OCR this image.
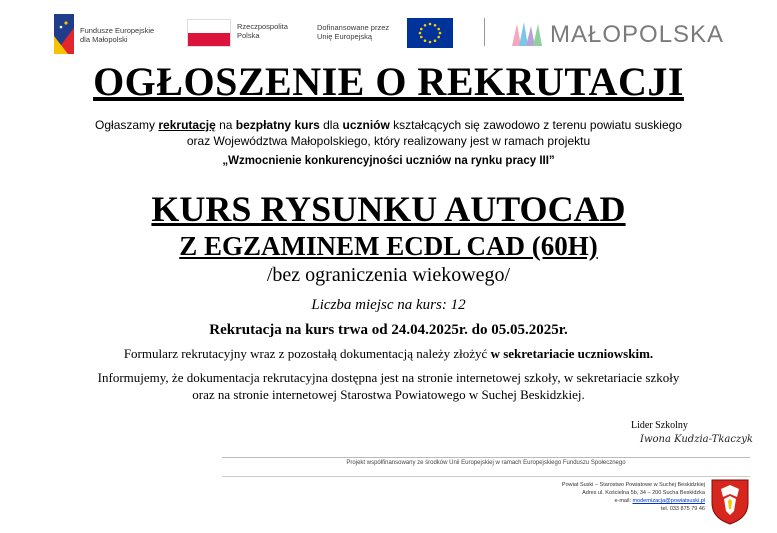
Fundusze Europejskie
dla Małopolski
Rzeczpospolita
Polska
Dofinansowane przez
Unię Europejską	MAŁOPOLSKA
OGŁOSZENIE O REKRUTACJI
Ogłaszamy rekrutację na bezpłatny kurs dla uczniów kształcących się zawodowo z terenu powiatu suskiego
oraz Województwa Małopolskiego, który realizowany jest w ramach projektu
„Wzmocnienie konkurencyjności uczniów na rynku pracy III”
KURS RYSUNKU AUTOCAD
Z EGZAMINEM ECDL CAD (60H)
/bez ograniczenia wiekowego/
Liczba miejsc na kurs: 12
Rekrutacja na kurs trwa od 24.04.2025r. do 05.05.2025r.
Formularz rekrutacyjny wraz z pozostałą dokumentacją należy złożyć w sekretariacie uczniowskim.
Informujemy, że dokumentacja rekrutacyjna dostępna jest na stronie internetowej szkoły, w sekretariacie szkoły
oraz na stronie internetowej Starostwa Powiatowego w Suchej Beskidzkiej.
Lider Szkolny
Iwona Kudzia-Tkaczyk
Projekt współfinansowany ze środków Unii Europejskiej w ramach Europejskiego Funduszu Społecznego
Powiat Suski – Starostwo Powiatowe w Suchej Beskidzkiej
Adres ul. Kościelna 5b, 34 – 200 Sucha Beskidzka
e-mail: modernizacja@powiatsuski.pl
tel. 033 875 79 46
